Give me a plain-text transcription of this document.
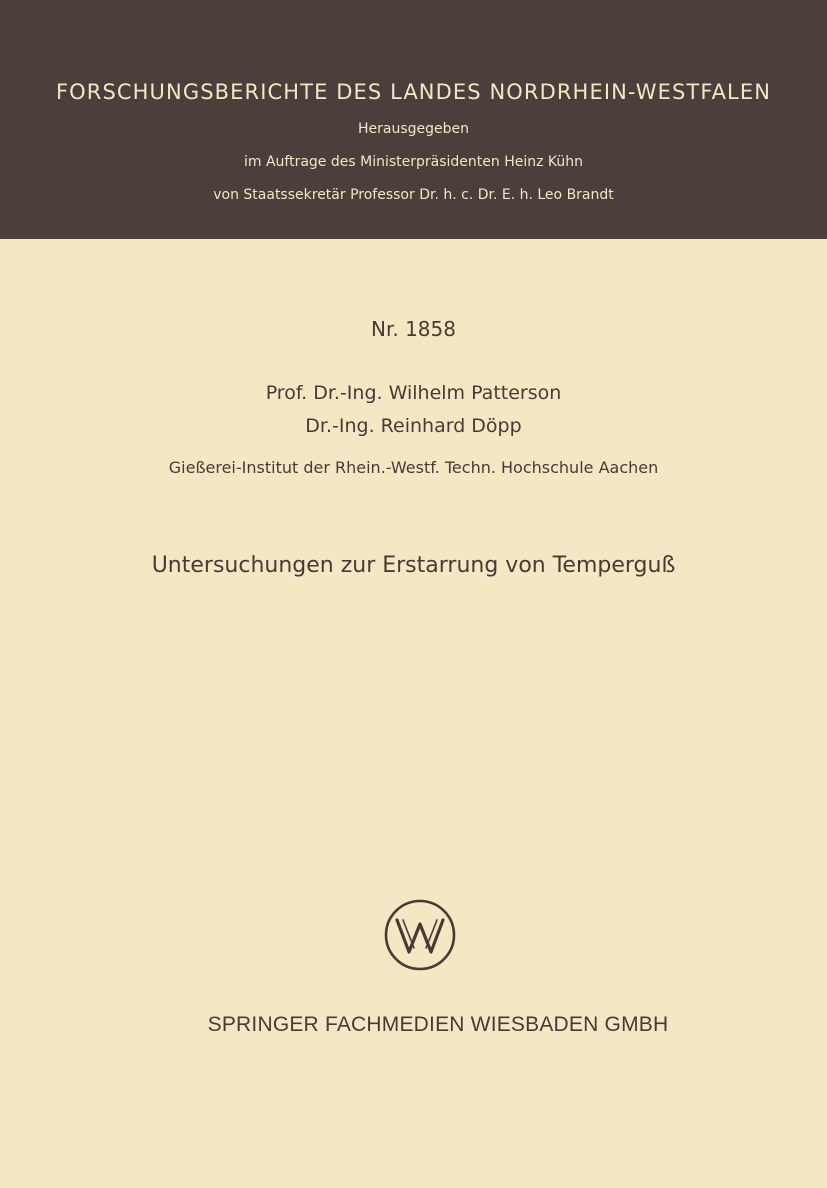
FORSCHUNGSBERICHTE DES LANDES NORDRHEIN-WESTFALEN
Herausgegeben
im Auftrage des Ministerpräsidenten Heinz Kühn
von Staatssekretär Professor Dr. h. c. Dr. E. h. Leo Brandt
Nr. 1858
Prof. Dr.-Ing. Wilhelm Patterson
Dr.-Ing. Reinhard Döpp
Gießerei-Institut der Rhein.-Westf. Techn. Hochschule Aachen
Untersuchungen zur Erstarrung von Temperguß
SPRINGER FACHMEDIEN WIESBADEN GMBH
